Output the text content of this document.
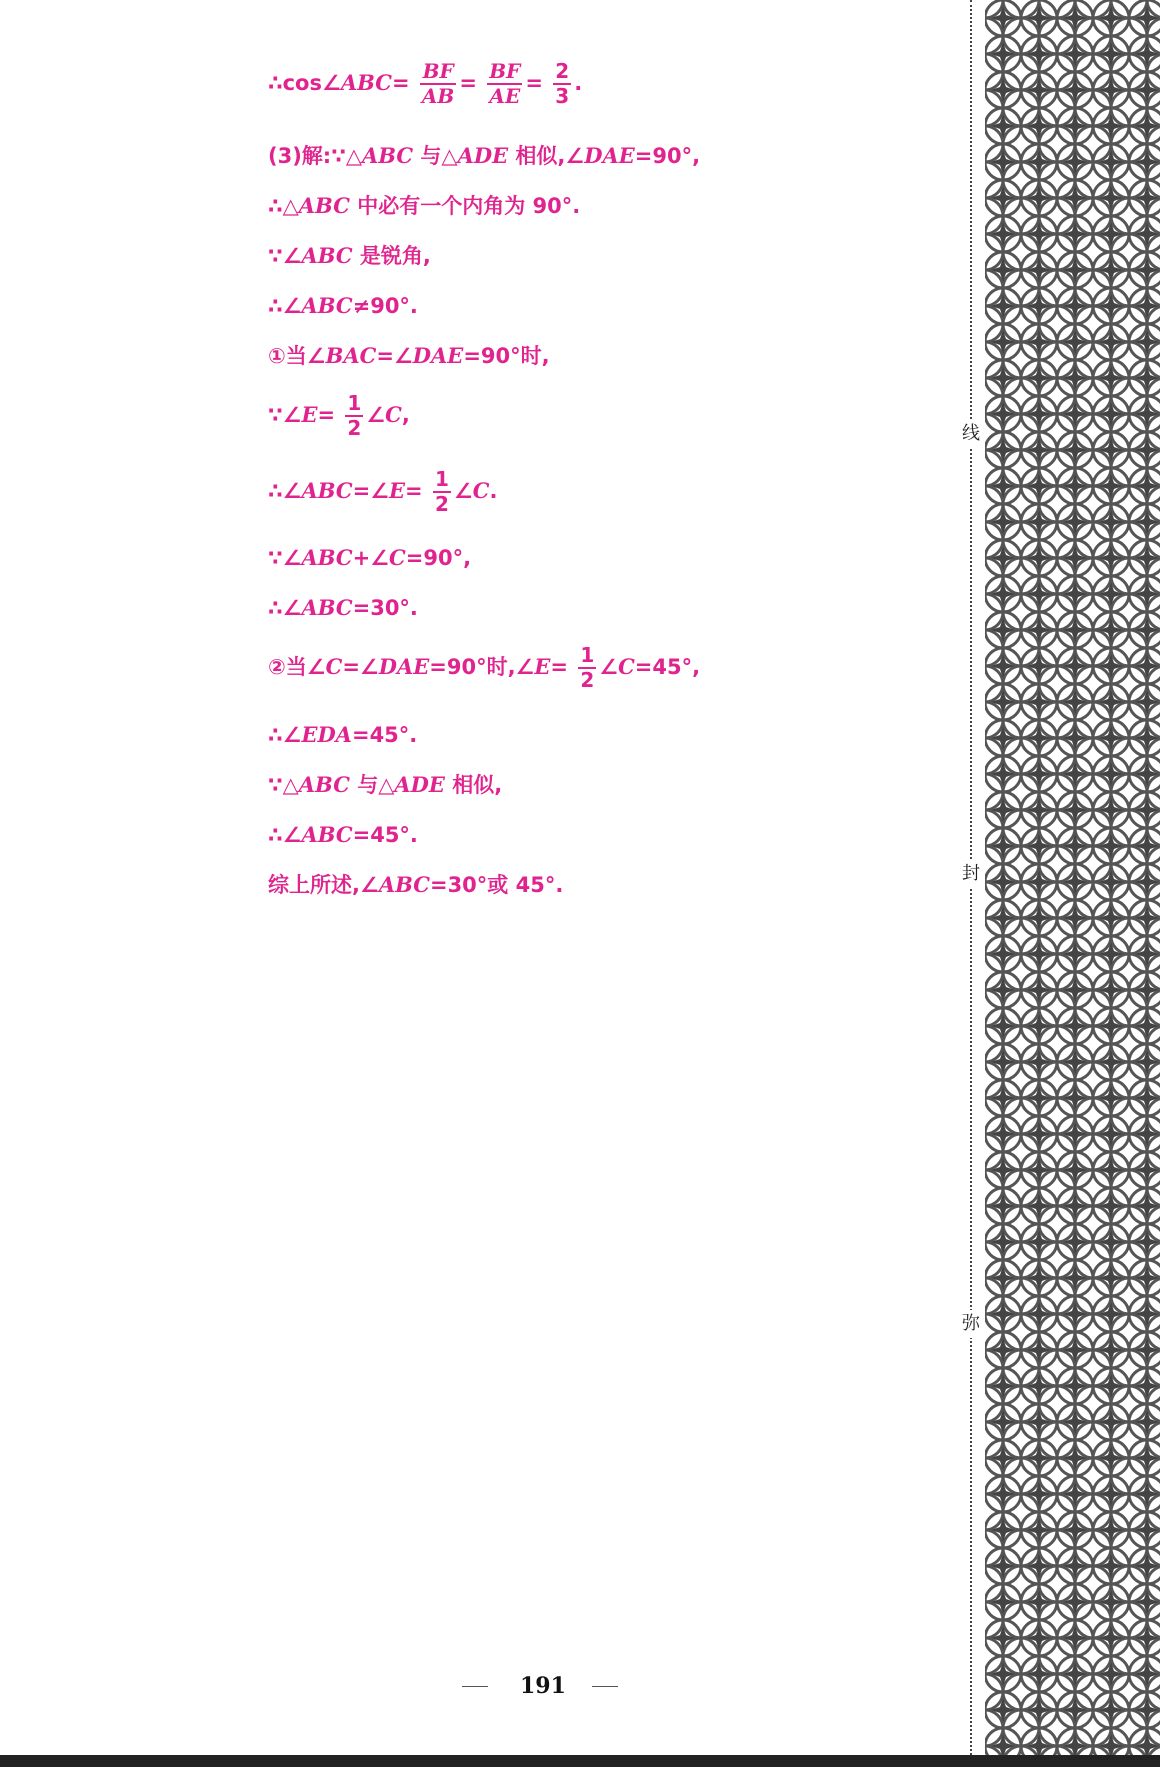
∴cos∠ABC= $\frac{BF}{AB} = \frac{BF}{AE} = \frac{2}{3}$ .
(3)解:∵△ABC 与△ADE 相似,∠DAE=90°,
∴△ABC 中必有一个内角为 90°.
∵∠ABC 是锐角,
∴∠ABC≠90°.
①当∠BAC=∠DAE=90°时,
∵∠E= $\frac{1}{2}$ ∠C,
∴∠ABC=∠E= $\frac{1}{2}$ ∠C.
∵∠ABC+∠C=90°,
∴∠ABC=30°.
②当∠C=∠DAE=90°时,∠E= $\frac{1}{2}$ ∠C=45°,
∴∠EDA=45°.
∵△ABC 与△ADE 相似,
∴∠ABC=45°.
综上所述,∠ABC=30°或 45°.
线
封
弥
191
